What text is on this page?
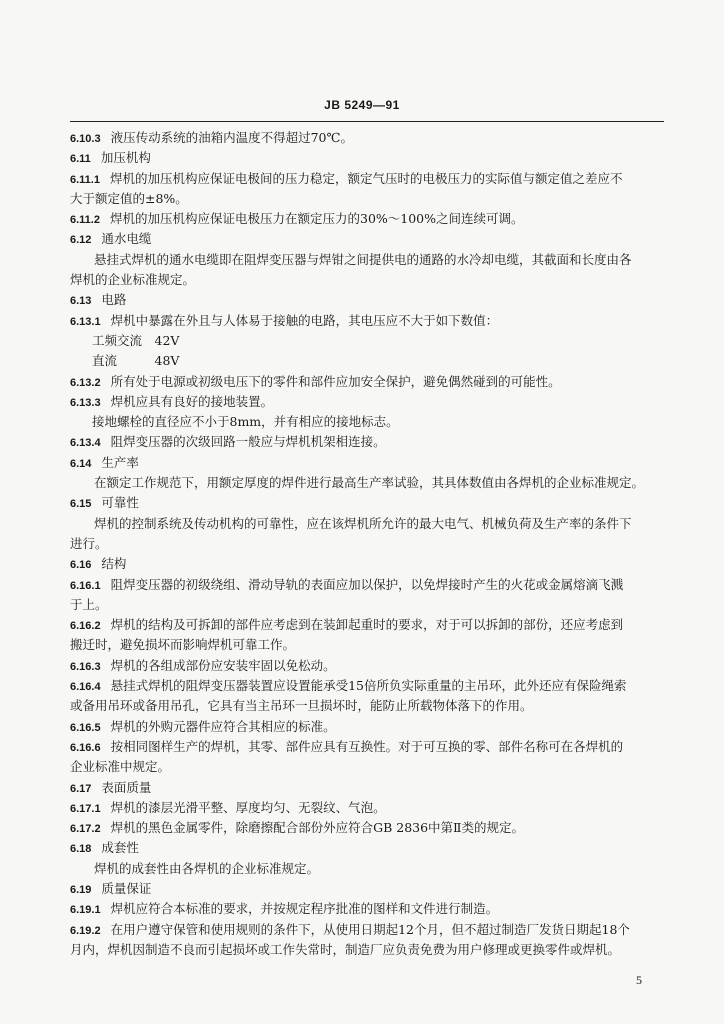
JB 5249—91
6.10.3 液压传动系统的油箱内温度不得超过70℃。
6.11 加压机构
6.11.1 焊机的加压机构应保证电极间的压力稳定，额定气压时的电极压力的实际值与额定值之差应不
大于额定值的±8%。
6.11.2 焊机的加压机构应保证电极压力在额定压力的30%～100%之间连续可调。
6.12 通水电缆
悬挂式焊机的通水电缆即在阻焊变压器与焊钳之间提供电的通路的水冷却电缆，其截面和长度由各
焊机的企业标准规定。
6.13 电路
6.13.1 焊机中暴露在外且与人体易于接触的电路，其电压应不大于如下数值：
工频交流　42V
直流　　　48V
6.13.2 所有处于电源或初级电压下的零件和部件应加安全保护，避免偶然碰到的可能性。
6.13.3 焊机应具有良好的接地装置。
接地螺栓的直径应不小于8mm，并有相应的接地标志。
6.13.4 阻焊变压器的次级回路一般应与焊机机架相连接。
6.14 生产率
在额定工作规范下，用额定厚度的焊件进行最高生产率试验，其具体数值由各焊机的企业标准规定。
6.15 可靠性
焊机的控制系统及传动机构的可靠性，应在该焊机所允许的最大电气、机械负荷及生产率的条件下
进行。
6.16 结构
6.16.1 阻焊变压器的初级绕组、滑动导轨的表面应加以保护，以免焊接时产生的火花或金属熔滴飞溅
于上。
6.16.2 焊机的结构及可拆卸的部件应考虑到在装卸起重时的要求，对于可以拆卸的部份，还应考虑到
搬迁时，避免损坏而影响焊机可靠工作。
6.16.3 焊机的各组成部份应安装牢固以免松动。
6.16.4 悬挂式焊机的阻焊变压器装置应设置能承受15倍所负实际重量的主吊环，此外还应有保险绳索
或备用吊环或备用吊孔，它具有当主吊环一旦损坏时，能防止所载物体落下的作用。
6.16.5 焊机的外购元器件应符合其相应的标准。
6.16.6 按相同图样生产的焊机，其零、部件应具有互换性。对于可互换的零、部件名称可在各焊机的
企业标准中规定。
6.17 表面质量
6.17.1 焊机的漆层光滑平整、厚度均匀、无裂纹、气泡。
6.17.2 焊机的黑色金属零件，除磨擦配合部份外应符合GB 2836中第Ⅱ类的规定。
6.18 成套性
焊机的成套性由各焊机的企业标准规定。
6.19 质量保证
6.19.1 焊机应符合本标准的要求，并按规定程序批准的图样和文件进行制造。
6.19.2 在用户遵守保管和使用规则的条件下，从使用日期起12个月，但不超过制造厂发货日期起18个
月内，焊机因制造不良而引起损坏或工作失常时，制造厂应负责免费为用户修理或更换零件或焊机。
5
